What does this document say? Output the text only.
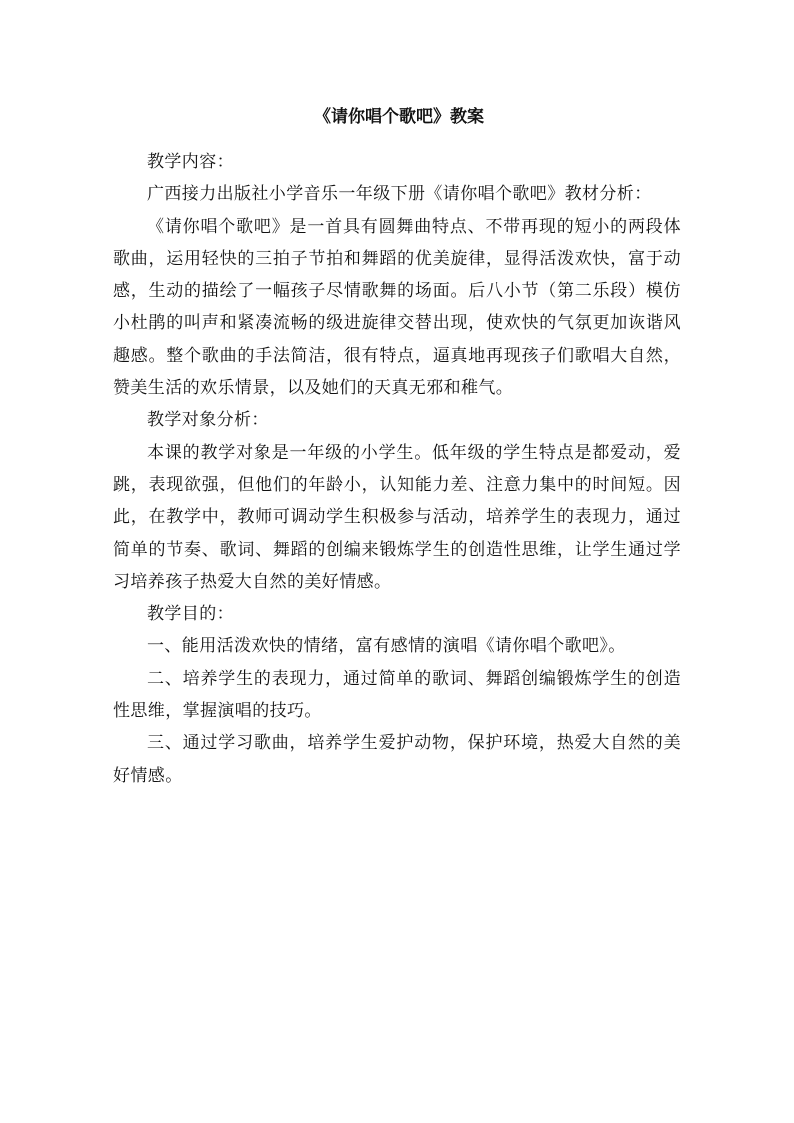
《请你唱个歌吧》教案

教学内容：

广西接力出版社小学音乐一年级下册《请你唱个歌吧》教材分析：

《请你唱个歌吧》是一首具有圆舞曲特点、不带再现的短小的两段体歌曲，运用轻快的三拍子节拍和舞蹈的优美旋律，显得活泼欢快，富于动感，生动的描绘了一幅孩子尽情歌舞的场面。后八小节（第二乐段）模仿小杜鹃的叫声和紧凑流畅的级进旋律交替出现，使欢快的气氛更加诙谐风趣感。整个歌曲的手法简洁，很有特点，逼真地再现孩子们歌唱大自然，赞美生活的欢乐情景，以及她们的天真无邪和稚气。

教学对象分析：

本课的教学对象是一年级的小学生。低年级的学生特点是都爱动，爱跳，表现欲强，但他们的年龄小，认知能力差、注意力集中的时间短。因此，在教学中，教师可调动学生积极参与活动，培养学生的表现力，通过简单的节奏、歌词、舞蹈的创编来锻炼学生的创造性思维，让学生通过学习培养孩子热爱大自然的美好情感。

教学目的：

一、能用活泼欢快的情绪，富有感情的演唱《请你唱个歌吧》。

二、培养学生的表现力，通过简单的歌词、舞蹈创编锻炼学生的创造性思维，掌握演唱的技巧。

三、通过学习歌曲，培养学生爱护动物，保护环境，热爱大自然的美好情感。
